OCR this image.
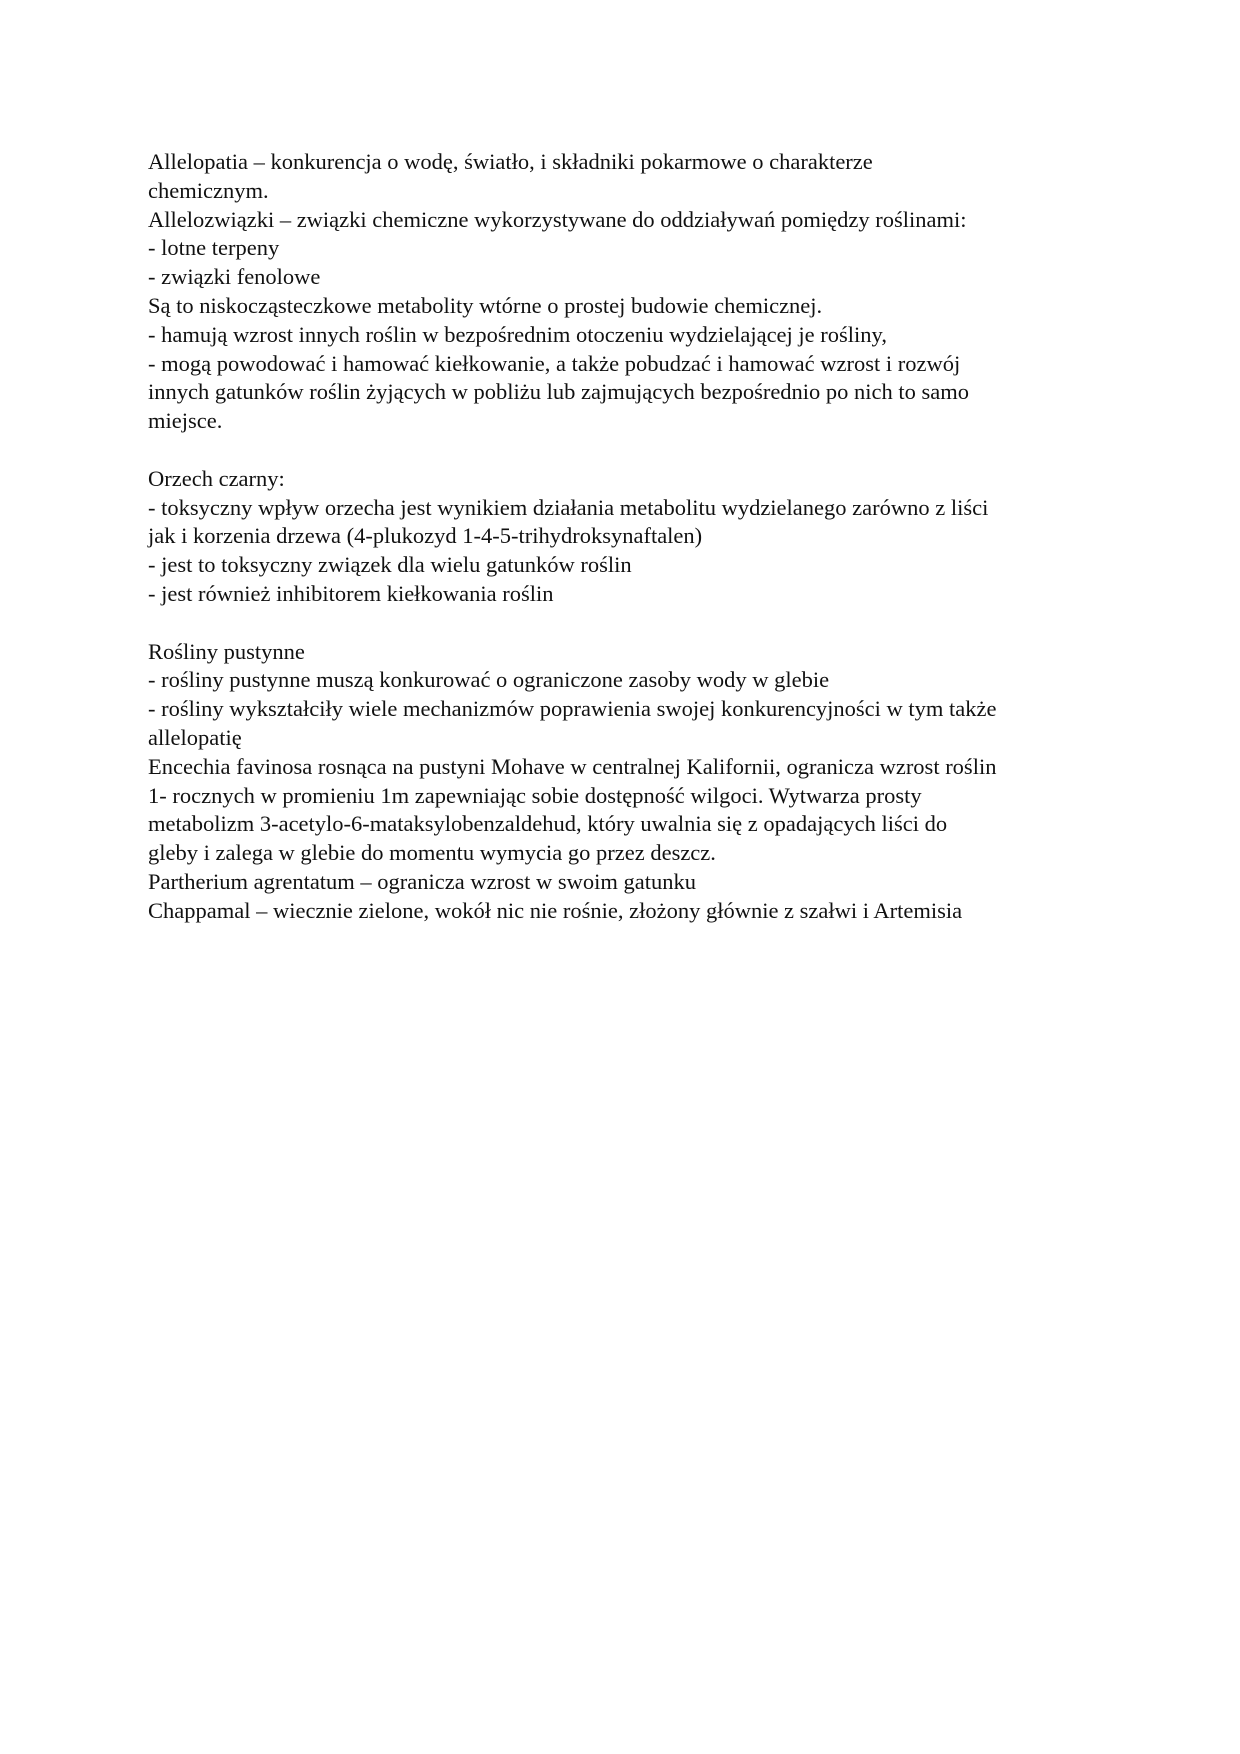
Allelopatia – konkurencja o wodę, światło, i składniki pokarmowe o charakterze

chemicznym.

Allelozwiązki – związki chemiczne wykorzystywane do oddziaływań pomiędzy roślinami:

- lotne terpeny

- związki fenolowe

Są to niskocząsteczkowe metabolity wtórne o prostej budowie chemicznej.

- hamują wzrost innych roślin w bezpośrednim otoczeniu wydzielającej je rośliny,

- mogą powodować i hamować kiełkowanie, a także pobudzać i hamować wzrost i rozwój

innych gatunków roślin żyjących w pobliżu lub zajmujących bezpośrednio po nich to samo

miejsce.

Orzech czarny:

- toksyczny wpływ orzecha jest wynikiem działania metabolitu wydzielanego zarówno z liści

jak i korzenia drzewa (4-plukozyd 1-4-5-trihydroksynaftalen)

- jest to toksyczny związek dla wielu gatunków roślin

- jest również inhibitorem kiełkowania roślin

Rośliny pustynne

- rośliny pustynne muszą konkurować o ograniczone zasoby wody w glebie

- rośliny wykształciły wiele mechanizmów poprawienia swojej konkurencyjności w tym także

allelopatię

Encechia favinosa rosnąca na pustyni Mohave w centralnej Kalifornii, ogranicza wzrost roślin

1- rocznych w promieniu 1m zapewniając sobie dostępność wilgoci. Wytwarza prosty

metabolizm 3-acetylo-6-mataksylobenzaldehud, który uwalnia się z opadających liści do

gleby i zalega w glebie do momentu wymycia go przez deszcz.

Partherium agrentatum – ogranicza wzrost w swoim gatunku

Chappamal – wiecznie zielone, wokół nic nie rośnie, złożony głównie z szałwi i Artemisia
